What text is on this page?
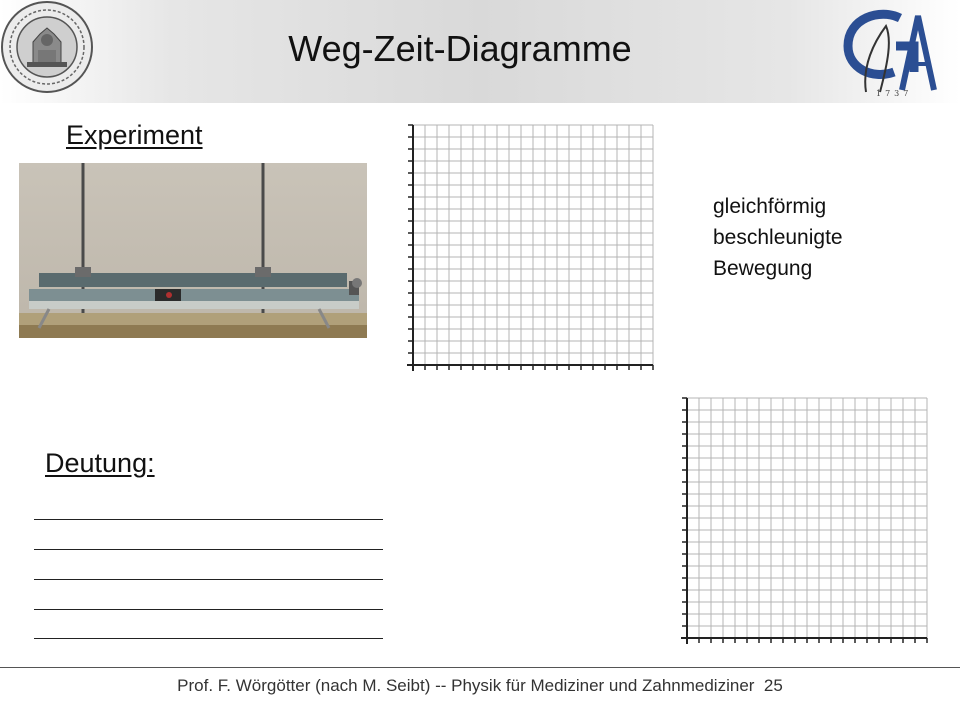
Weg-Zeit-Diagramme
1737
Experiment
gleichförmig
beschleunigte
Bewegung
Deutung:
Prof. F. Wörgötter (nach M. Seibt) -- Physik für Mediziner und Zahnmediziner 25
